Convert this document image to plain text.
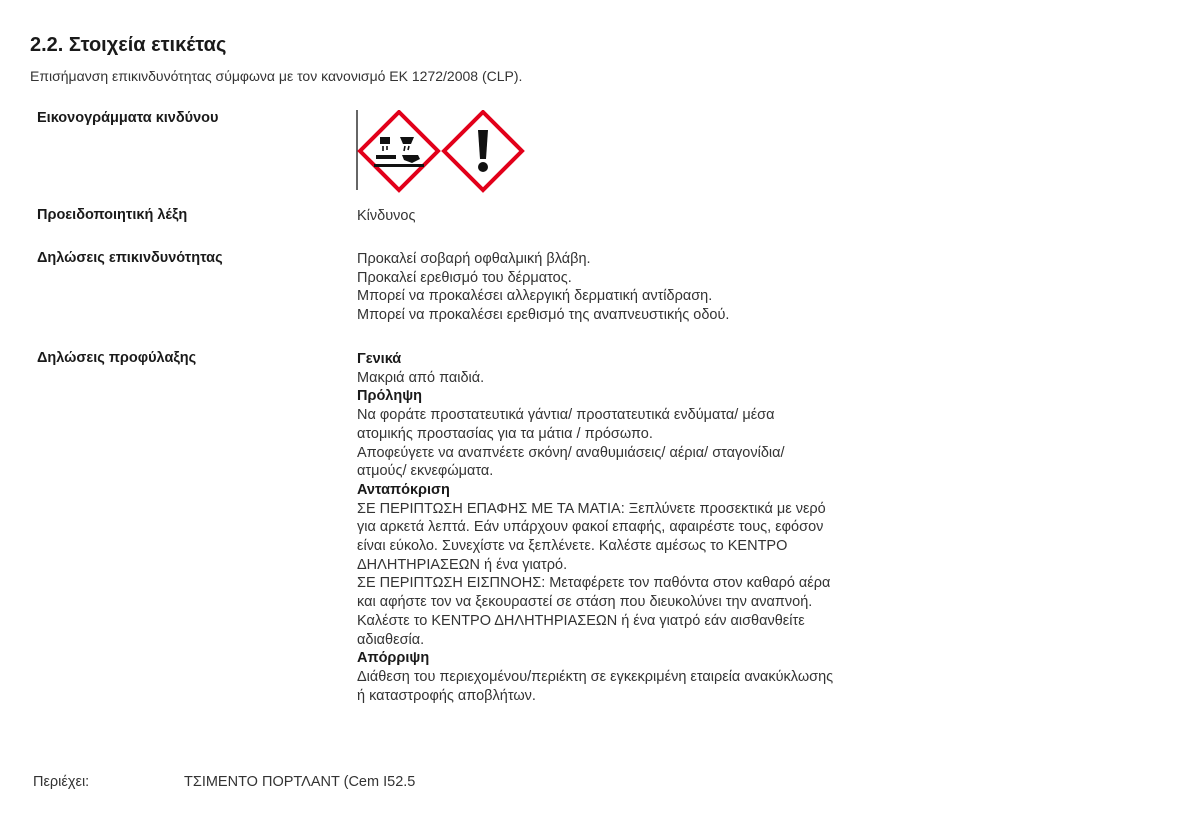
2.2. Στοιχεία ετικέτας
Επισήμανση επικινδυνότητας σύμφωνα με τον κανονισμό ΕΚ 1272/2008 (CLP).
Εικονογράμματα κινδύνου
Προειδοποιητική λέξη	Κίνδυνος
Δηλώσεις επικινδυνότητας	Προκαλεί σοβαρή οφθαλμική βλάβη.
Προκαλεί ερεθισμό του δέρματος.
Μπορεί να προκαλέσει αλλεργική δερματική αντίδραση.
Μπορεί να προκαλέσει ερεθισμό της αναπνευστικής οδού.
Δηλώσεις προφύλαξης	Γενικά
Μακριά από παιδιά.
Πρόληψη
Να φοράτε προστατευτικά γάντια/ προστατευτικά ενδύματα/ μέσα
ατομικής προστασίας για τα μάτια / πρόσωπο.
Αποφεύγετε να αναπνέετε σκόνη/ αναθυμιάσεις/ αέρια/ σταγονίδια/
ατμούς/ εκνεφώματα.
Ανταπόκριση
ΣΕ ΠΕΡΙΠΤΩΣΗ ΕΠΑΦΗΣ ΜΕ ΤΑ ΜΑΤΙΑ: Ξεπλύνετε προσεκτικά με νερό
για αρκετά λεπτά. Εάν υπάρχουν φακοί επαφής, αφαιρέστε τους, εφόσον
είναι εύκολο. Συνεχίστε να ξεπλένετε. Καλέστε αμέσως το ΚΕΝΤΡΟ
ΔΗΛΗΤΗΡΙΑΣΕΩΝ ή ένα γιατρό.
ΣΕ ΠΕΡΙΠΤΩΣΗ ΕΙΣΠΝΟΗΣ: Μεταφέρετε τον παθόντα στον καθαρό αέρα
και αφήστε τον να ξεκουραστεί σε στάση που διευκολύνει την αναπνοή.
Καλέστε το ΚΕΝΤΡΟ ΔΗΛΗΤΗΡΙΑΣΕΩΝ ή ένα γιατρό εάν αισθανθείτε
αδιαθεσία.
Απόρριψη
Διάθεση του περιεχομένου/περιέκτη σε εγκεκριμένη εταιρεία ανακύκλωσης
ή καταστροφής αποβλήτων.
Περιέχει:	ΤΣΙΜΕΝΤΟ ΠΟΡΤΛΑΝΤ (Cem I52.5
